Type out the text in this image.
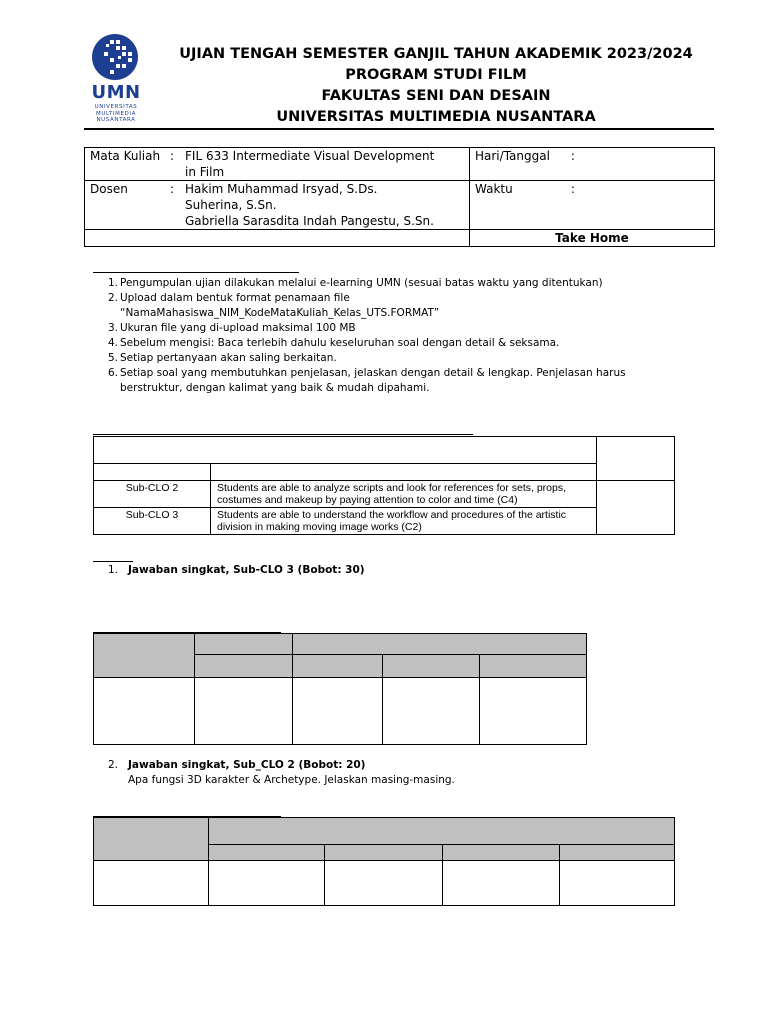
UMN
UNIVERSITAS
MULTIMEDIA
NUSANTARA
UJIAN TENGAH SEMESTER GANJIL TAHUN AKADEMIK 2023/2024
PROGRAM STUDI FILM
FAKULTAS SENI DAN DESAIN
UNIVERSITAS MULTIMEDIA NUSANTARA
Mata Kuliah : FIL 633 Intermediate Visual Development in Film	Hari/Tanggal :

Dosen : Hakim Muhammad Irsyad, S.Ds.
Suherina, S.Sn.
Gabriella Sarasdita Indah Pangestu, S.Sn.	Waktu :
	Take Home
1. Pengumpulan ujian dilakukan melalui e-learning UMN (sesuai batas waktu yang ditentukan)
2. Upload dalam bentuk format penamaan file
“NamaMahasiswa_NIM_KodeMataKuliah_Kelas_UTS.FORMAT”
3. Ukuran file yang di-upload maksimal 100 MB
4. Sebelum mengisi: Baca terlebih dahulu keseluruhan soal dengan detail & seksama.
5. Setiap pertanyaan akan saling berkaitan.
6. Setiap soal yang membutuhkan penjelasan, jelaskan dengan detail & lengkap. Penjelasan harus berstruktur, dengan kalimat yang baik & mudah dipahami.

Sub-CLO 2	Students are able to analyze scripts and look for references for sets, props, costumes and makeup by paying attention to color and time (C4)	
Sub-CLO 3	Students are able to understand the workflow and procedures of the artistic division in making moving image works (C2)	
1. Jawaban singkat, Sub-CLO 3 (Bobot: 30)

2. Jawaban singkat, Sub_CLO 2 (Bobot: 20)
Apa fungsi 3D karakter & Archetype. Jelaskan masing-masing.
